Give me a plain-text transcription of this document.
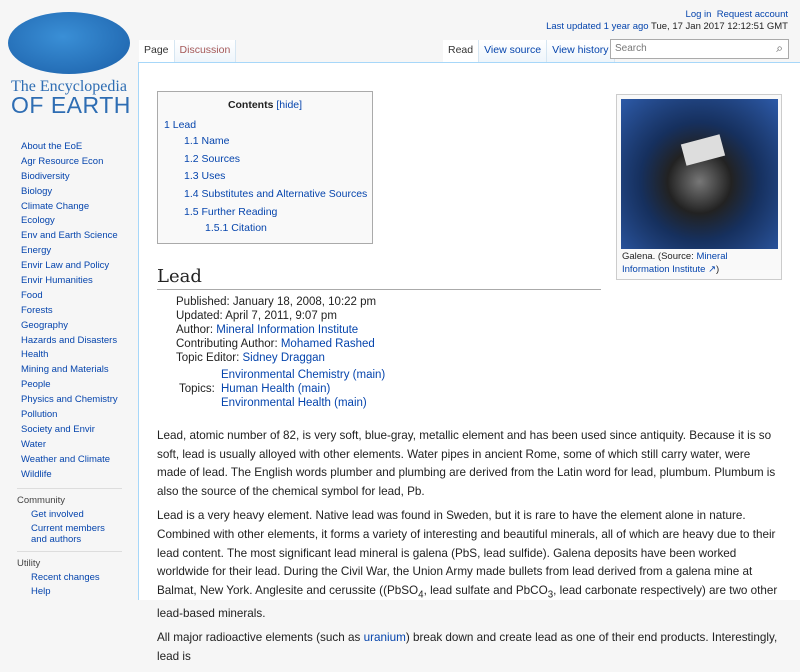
The Encyclopedia
OF EARTH
About the EoE
Agr Resource Econ
Biodiversity
Biology
Climate Change
Ecology
Env and Earth Science
Energy
Envir Law and Policy
Envir Humanities
Food
Forests
Geography
Hazards and Disasters
Health
Mining and Materials
People
Physics and Chemistry
Pollution
Society and Envir
Water
Weather and Climate
Wildlife
Community
Get involved
Current members and authors
Utility
Recent changes
Help
Log in Request account
Last updated 1 year ago Tue, 17 Jan 2017 12:12:51 GMT
Page	Discussion	Read	View source	View history Search	⌕
Contents [hide]
1 Lead
1.1 Name
1.2 Sources
1.3 Uses
1.4 Substitutes and Alternative Sources
1.5 Further Reading
1.5.1 Citation
Galena. (Source: Mineral
Information Institute ↗)
Lead
Published: January 18, 2008, 10:22 pm
Updated: April 7, 2011, 9:07 pm
Author: Mineral Information Institute
Contributing Author: Mohamed Rashed
Topic Editor: Sidney Draggan
Topics:
Environmental Chemistry (main)
Human Health (main)
Environmental Health (main)

Lead, atomic number of 82, is very soft, blue-gray, metallic element and has been used since antiquity. Because it is so soft, lead is usually alloyed with other elements. Water pipes in ancient Rome, some of which still carry water, were made of lead. The English words plumber and plumbing are derived from the Latin word for lead, plumbum. Plumbum is also the source of the chemical symbol for lead, Pb.

Lead is a very heavy element. Native lead was found in Sweden, but it is rare to have the element alone in nature. Combined with other elements, it forms a variety of interesting and beautiful minerals, all of which are heavy due to their lead content. The most significant lead mineral is galena (PbS, lead sulfide). Galena deposits have been worked worldwide for their lead. During the Civil War, the Union Army made bullets from lead derived from a galena mine at Balmat, New York. Anglesite and cerussite ((PbSO$_4$, lead sulfate and PbCO$_3$, lead carbonate respectively) are two other lead-based minerals.

All major radioactive elements (such as uranium) break down and create lead as one of their end products. Interestingly, lead is
